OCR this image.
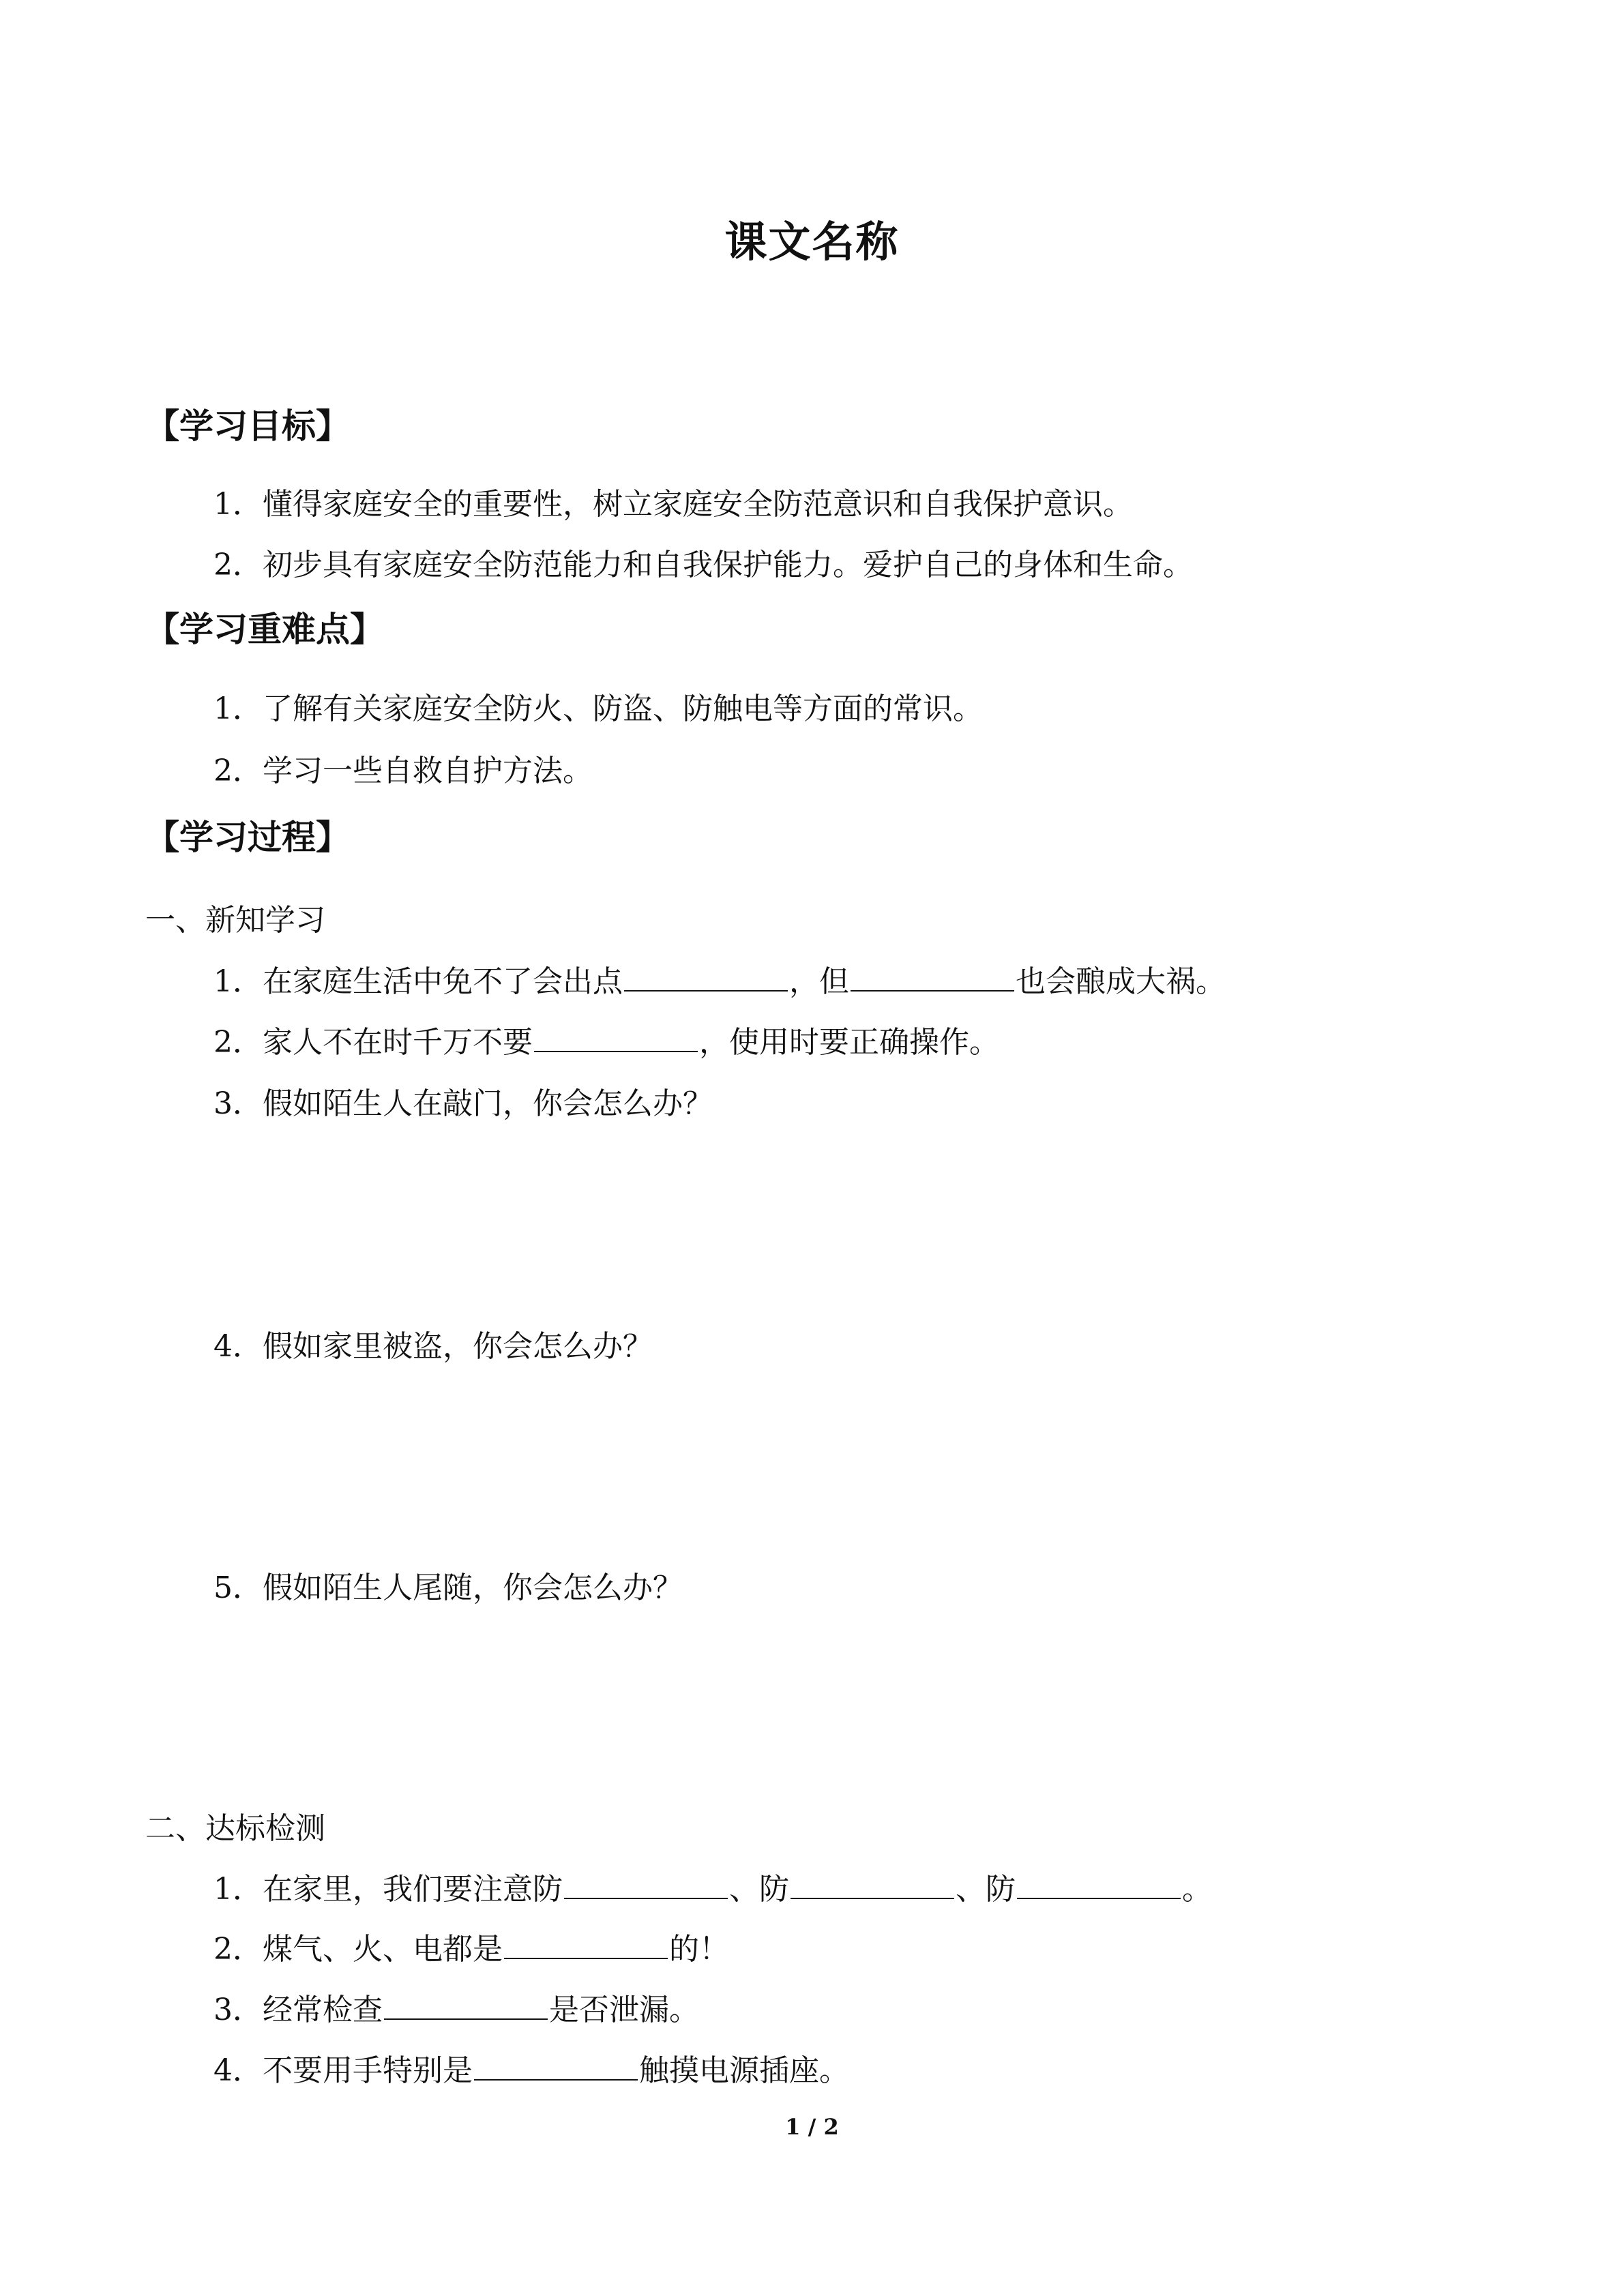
课文名称
【学习目标】
1．懂得家庭安全的重要性，树立家庭安全防范意识和自我保护意识。
2．初步具有家庭安全防范能力和自我保护能力。爱护自己的身体和生命。
【学习重难点】
1．了解有关家庭安全防火、防盗、防触电等方面的常识。
2．学习一些自救自护方法。
【学习过程】
一、新知学习
1．在家庭生活中免不了会出点	，但	也会酿成大祸。
2．家人不在时千万不要	，使用时要正确操作。
3．假如陌生人在敲门，你会怎么办？
4．假如家里被盗，你会怎么办？
5．假如陌生人尾随，你会怎么办？
二、达标检测
1．在家里，我们要注意防	、防	、防	。
2．煤气、火、电都是	的！
3．经常检查	是否泄漏。
4．不要用手特别是	触摸电源插座。
1 / 2
